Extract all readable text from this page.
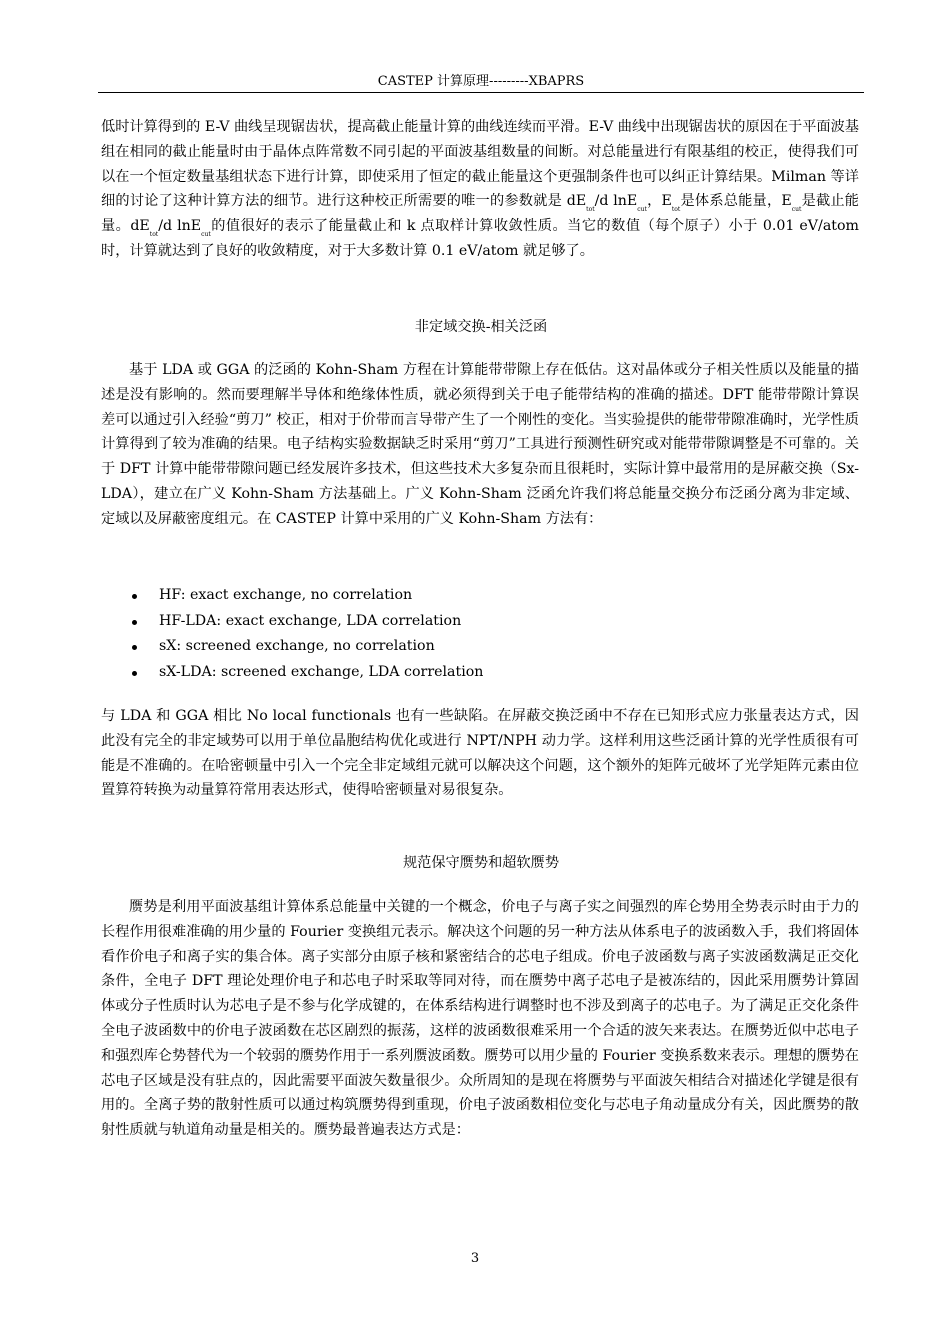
CASTEP 计算原理---------XBAPRS

低时计算得到的 E-V 曲线呈现锯齿状，提高截止能量计算的曲线连续而平滑。E-V 曲线中出现锯齿状的原因在于平面波基组在相同的截止能量时由于晶体点阵常数不同引起的平面波基组数量的间断。对总能量进行有限基组的校正，使得我们可以在一个恒定数量基组状态下进行计算，即使采用了恒定的截止能量这个更强制条件也可以纠正计算结果。Milman 等详细的讨论了这种计算方法的细节。进行这种校正所需要的唯一的参数就是 $dE_{tot}/d$ lnE$_{cut}$，$E_{tot}$是体系总能量，$E_{cut}$是截止能量。$dE_{tot}/d$ lnE$_{cut}$的值很好的表示了能量截止和 k 点取样计算收敛性质。当它的数值（每个原子）小于 0.01 eV/atom 时，计算就达到了良好的收敛精度，对于大多数计算 0.1 eV/atom 就足够了。

非定域交换-相关泛函

基于 LDA 或 GGA 的泛函的 Kohn-Sham 方程在计算能带带隙上存在低估。这对晶体或分子相关性质以及能量的描述是没有影响的。然而要理解半导体和绝缘体性质，就必须得到关于电子能带结构的准确的描述。DFT 能带带隙计算误差可以通过引入经验“剪刀” 校正，相对于价带而言导带产生了一个刚性的变化。当实验提供的能带带隙准确时，光学性质计算得到了较为准确的结果。电子结构实验数据缺乏时采用“剪刀”工具进行预测性研究或对能带带隙调整是不可靠的。关于 DFT 计算中能带带隙问题已经发展许多技术，但这些技术大多复杂而且很耗时，实际计算中最常用的是屏蔽交换（Sx-LDA），建立在广义 Kohn-Sham 方法基础上。广义 Kohn-Sham 泛函允许我们将总能量交换分布泛函分离为非定域、定域以及屏蔽密度组元。在 CASTEP 计算中采用的广义 Kohn-Sham 方法有：

HF: exact exchange, no correlation
HF-LDA: exact exchange, LDA correlation
sX: screened exchange, no correlation
sX-LDA: screened exchange, LDA correlation

与 LDA 和 GGA 相比 No local functionals 也有一些缺陷。在屏蔽交换泛函中不存在已知形式应力张量表达方式，因此没有完全的非定域势可以用于单位晶胞结构优化或进行 NPT/NPH 动力学。这样利用这些泛函计算的光学性质很有可能是不准确的。在哈密顿量中引入一个完全非定域组元就可以解决这个问题，这个额外的矩阵元破坏了光学矩阵元素由位置算符转换为动量算符常用表达形式，使得哈密顿量对易很复杂。

规范保守赝势和超软赝势

赝势是利用平面波基组计算体系总能量中关键的一个概念，价电子与离子实之间强烈的库仑势用全势表示时由于力的长程作用很难准确的用少量的 Fourier 变换组元表示。解决这个问题的另一种方法从体系电子的波函数入手，我们将固体看作价电子和离子实的集合体。离子实部分由原子核和紧密结合的芯电子组成。价电子波函数与离子实波函数满足正交化条件，全电子 DFT 理论处理价电子和芯电子时采取等同对待，而在赝势中离子芯电子是被冻结的，因此采用赝势计算固体或分子性质时认为芯电子是不参与化学成键的，在体系结构进行调整时也不涉及到离子的芯电子。为了满足正交化条件全电子波函数中的价电子波函数在芯区剧烈的振荡，这样的波函数很难采用一个合适的波矢来表达。在赝势近似中芯电子和强烈库仑势替代为一个较弱的赝势作用于一系列赝波函数。赝势可以用少量的 Fourier 变换系数来表示。理想的赝势在芯电子区域是没有驻点的，因此需要平面波矢数量很少。众所周知的是现在将赝势与平面波矢相结合对描述化学键是很有用的。全离子势的散射性质可以通过构筑赝势得到重现，价电子波函数相位变化与芯电子角动量成分有关，因此赝势的散射性质就与轨道角动量是相关的。赝势最普遍表达方式是：

3
